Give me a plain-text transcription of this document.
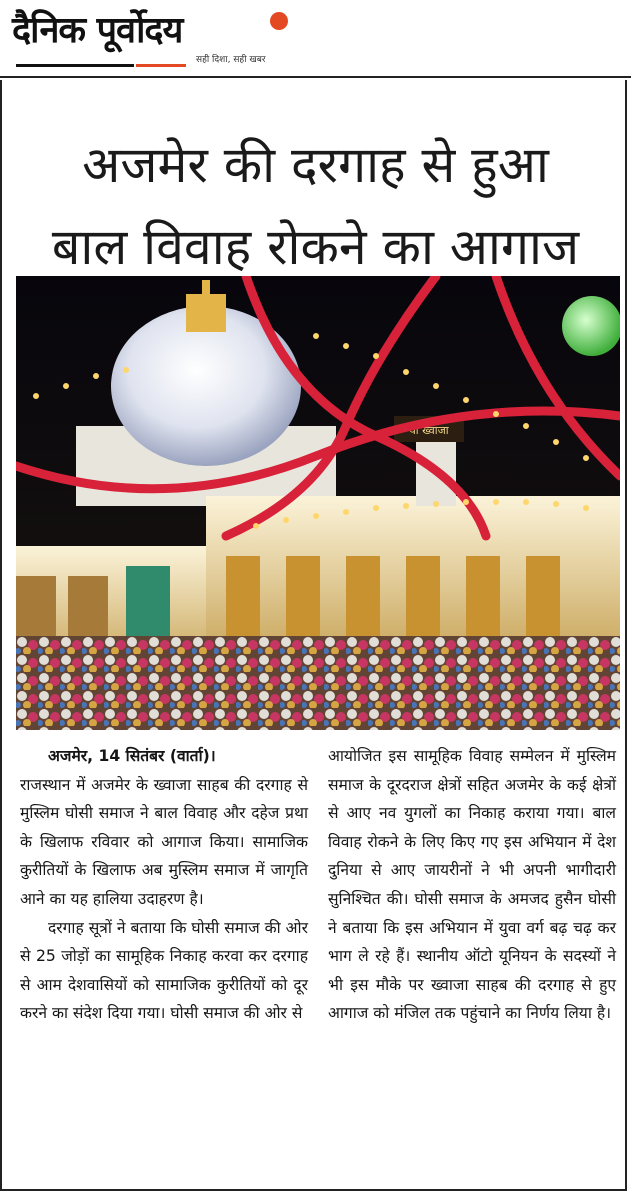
दैनिक पूर्वोदय
सही दिशा, सही खबर
अजमेर की दरगाह से हुआ
बाल विवाह रोकने का आगाज
या ख्वाजा

अजमेर, 14 सितंबर (वार्ता)।

राजस्थान में अजमेर के ख्वाजा साहब की दरगाह से मुस्लिम घोसी समाज ने बाल विवाह और दहेज प्रथा के खिलाफ रविवार को आगाज किया। सामाजिक कुरीतियों के खिलाफ अब मुस्लिम समाज में जागृति आने का यह हालिया उदाहरण है।

दरगाह सूत्रों ने बताया कि घोसी समाज की ओर से 25 जोड़ों का सामूहिक निकाह करवा कर दरगाह से आम देशवासियों को सामाजिक कुरीतियों को दूर करने का संदेश दिया गया। घोसी समाज की ओर से

आयोजित इस सामूहिक विवाह सम्मेलन में मुस्लिम समाज के दूरदराज क्षेत्रों सहित अजमेर के कई क्षेत्रों से आए नव युगलों का निकाह कराया गया। बाल विवाह रोकने के लिए किए गए इस अभियान में देश दुनिया से आए जायरीनों ने भी अपनी भागीदारी सुनिश्चित की। घोसी समाज के अमजद हुसैन घोसी ने बताया कि इस अभियान में युवा वर्ग बढ़ चढ़ कर भाग ले रहे हैं। स्थानीय ऑटो यूनियन के सदस्यों ने भी इस मौके पर ख्वाजा साहब की दरगाह से हुए आगाज को मंजिल तक पहुंचाने का निर्णय लिया है।
